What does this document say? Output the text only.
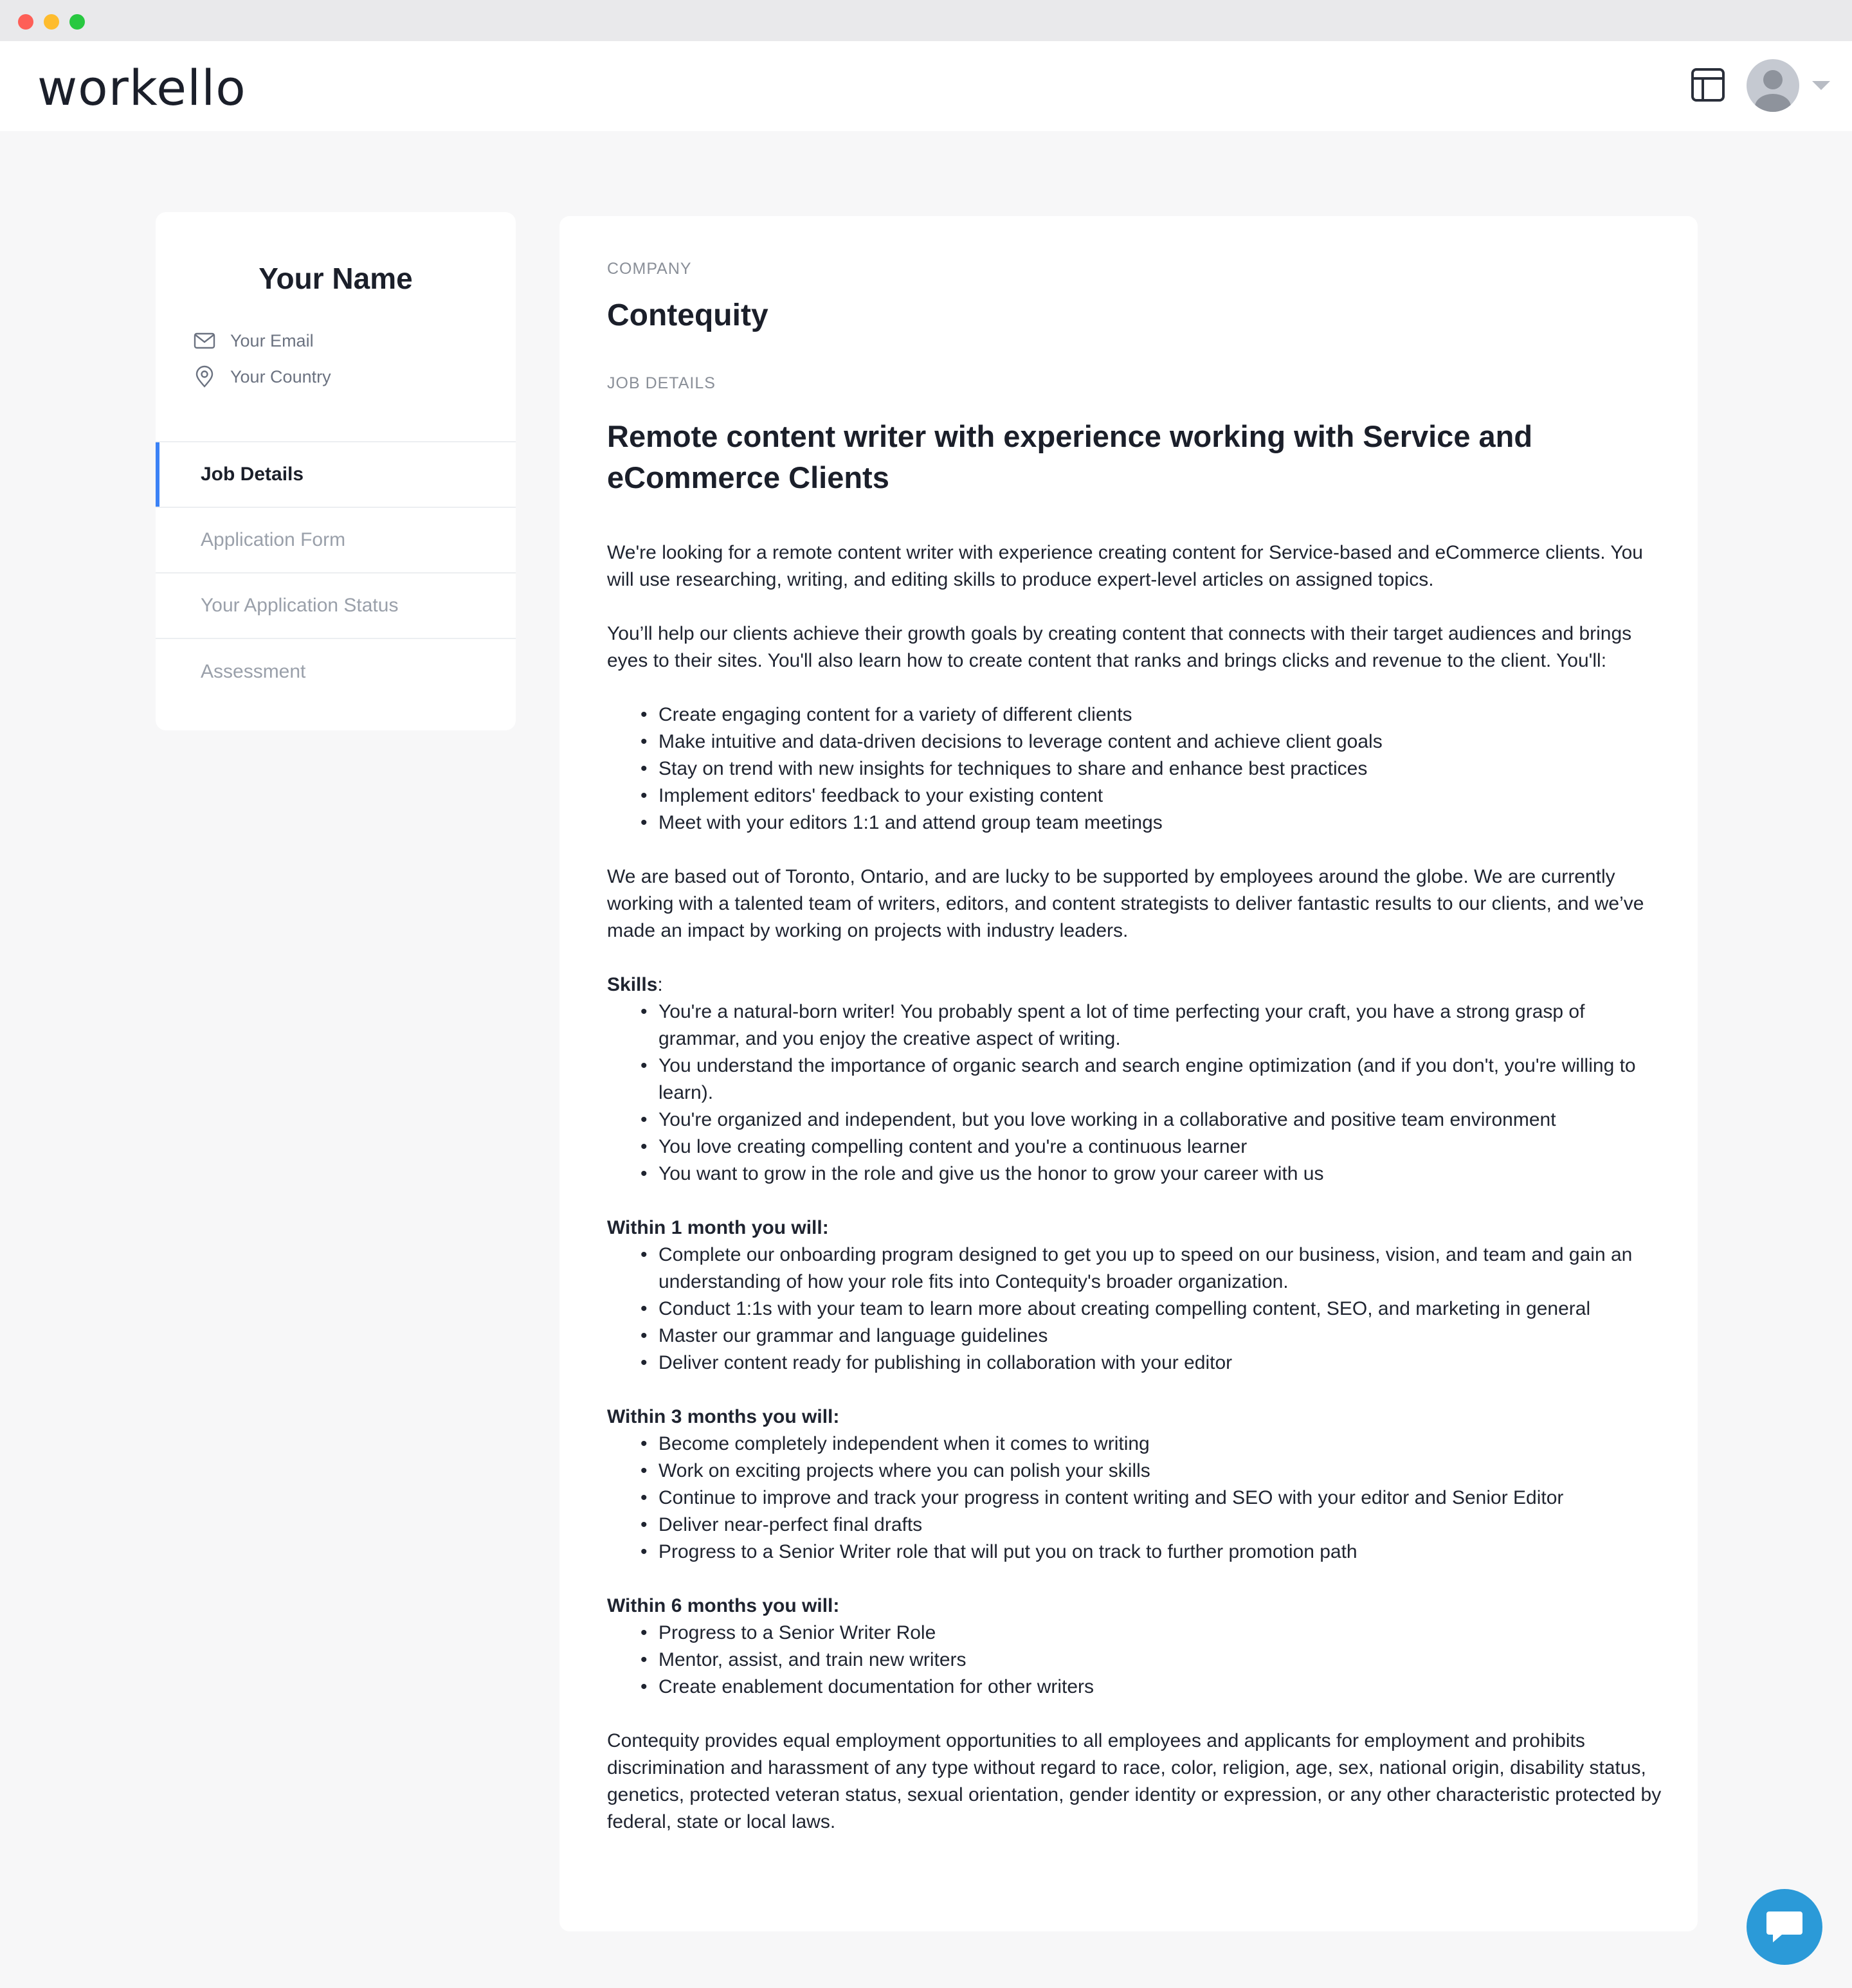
workello
Your Name
Your Email
Your Country
Job Details
Application Form
Your Application Status
Assessment
COMPANY
Contequity
JOB DETAILS
Remote content writer with experience working with Service and eCommerce Clients

We're looking for a remote content writer with experience creating content for Service-based and eCommerce clients. You will use researching, writing, and editing skills to produce expert-level articles on assigned topics.

You’ll help our clients achieve their growth goals by creating content that connects with their target audiences and brings eyes to their sites. You'll also learn how to create content that ranks and brings clicks and revenue to the client. You'll:

• Create engaging content for a variety of different clients
• Make intuitive and data-driven decisions to leverage content and achieve client goals
• Stay on trend with new insights for techniques to share and enhance best practices
• Implement editors' feedback to your existing content
• Meet with your editors 1:1 and attend group team meetings

We are based out of Toronto, Ontario, and are lucky to be supported by employees around the globe. We are currently working with a talented team of writers, editors, and content strategists to deliver fantastic results to our clients, and we’ve made an impact by working on projects with industry leaders.

Skills:
• You're a natural-born writer! You probably spent a lot of time perfecting your craft, you have a strong grasp of grammar, and you enjoy the creative aspect of writing.
• You understand the importance of organic search and search engine optimization (and if you don't, you're willing to learn).
• You're organized and independent, but you love working in a collaborative and positive team environment
• You love creating compelling content and you're a continuous learner
• You want to grow in the role and give us the honor to grow your career with us
Within 1 month you will:
• Complete our onboarding program designed to get you up to speed on our business, vision, and team and gain an understanding of how your role fits into Contequity's broader organization.
• Conduct 1:1s with your team to learn more about creating compelling content, SEO, and marketing in general
• Master our grammar and language guidelines
• Deliver content ready for publishing in collaboration with your editor
Within 3 months you will:
• Become completely independent when it comes to writing
• Work on exciting projects where you can polish your skills
• Continue to improve and track your progress in content writing and SEO with your editor and Senior Editor
• Deliver near-perfect final drafts
• Progress to a Senior Writer role that will put you on track to further promotion path
Within 6 months you will:
• Progress to a Senior Writer Role
• Mentor, assist, and train new writers
• Create enablement documentation for other writers

Contequity provides equal employment opportunities to all employees and applicants for employment and prohibits discrimination and harassment of any type without regard to race, color, religion, age, sex, national origin, disability status, genetics, protected veteran status, sexual orientation, gender identity or expression, or any other characteristic protected by federal, state or local laws.
